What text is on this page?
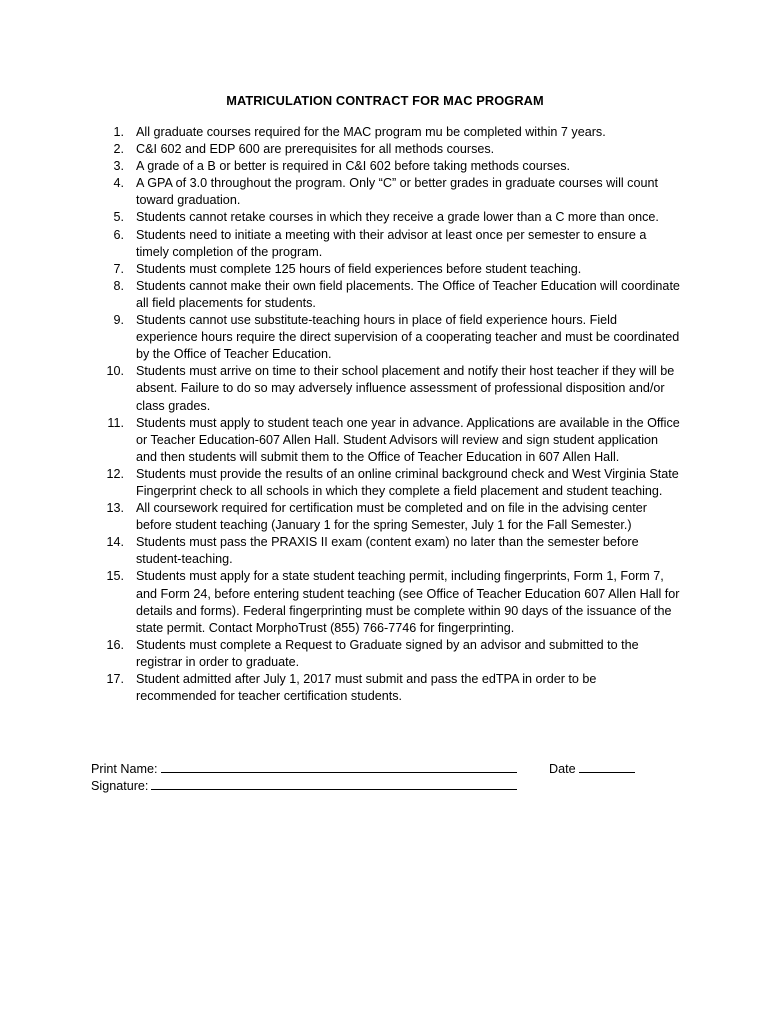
MATRICULATION CONTRACT FOR MAC PROGRAM
1. All graduate courses required for the MAC program mu be completed within 7 years.
2. C&I 602 and EDP 600 are prerequisites for all methods courses.
3. A grade of a B or better is required in C&I 602 before taking methods courses.
4. A GPA of 3.0 throughout the program. Only “C” or better grades in graduate courses will count toward graduation.
5. Students cannot retake courses in which they receive a grade lower than a C more than once.
6. Students need to initiate a meeting with their advisor at least once per semester to ensure a timely completion of the program.
7. Students must complete 125 hours of field experiences before student teaching.
8. Students cannot make their own field placements. The Office of Teacher Education will coordinate all field placements for students.
9. Students cannot use substitute-teaching hours in place of field experience hours. Field experience hours require the direct supervision of a cooperating teacher and must be coordinated by the Office of Teacher Education.
10. Students must arrive on time to their school placement and notify their host teacher if they will be absent. Failure to do so may adversely influence assessment of professional disposition and/or class grades.
11. Students must apply to student teach one year in advance. Applications are available in the Office or Teacher Education-607 Allen Hall. Student Advisors will review and sign student application and then students will submit them to the Office of Teacher Education in 607 Allen Hall.
12. Students must provide the results of an online criminal background check and West Virginia State Fingerprint check to all schools in which they complete a field placement and student teaching.
13. All coursework required for certification must be completed and on file in the advising center before student teaching (January 1 for the spring Semester, July 1 for the Fall Semester.)
14. Students must pass the PRAXIS II exam (content exam) no later than the semester before student-teaching.
15. Students must apply for a state student teaching permit, including fingerprints, Form 1, Form 7, and Form 24, before entering student teaching (see Office of Teacher Education 607 Allen Hall for details and forms). Federal fingerprinting must be complete within 90 days of the issuance of the state permit. Contact MorphoTrust (855) 766-7746 for fingerprinting.
16. Students must complete a Request to Graduate signed by an advisor and submitted to the registrar in order to graduate.
17. Student admitted after July 1, 2017 must submit and pass the edTPA in order to be recommended for teacher certification students.
Print Name:	Date
Signature:
